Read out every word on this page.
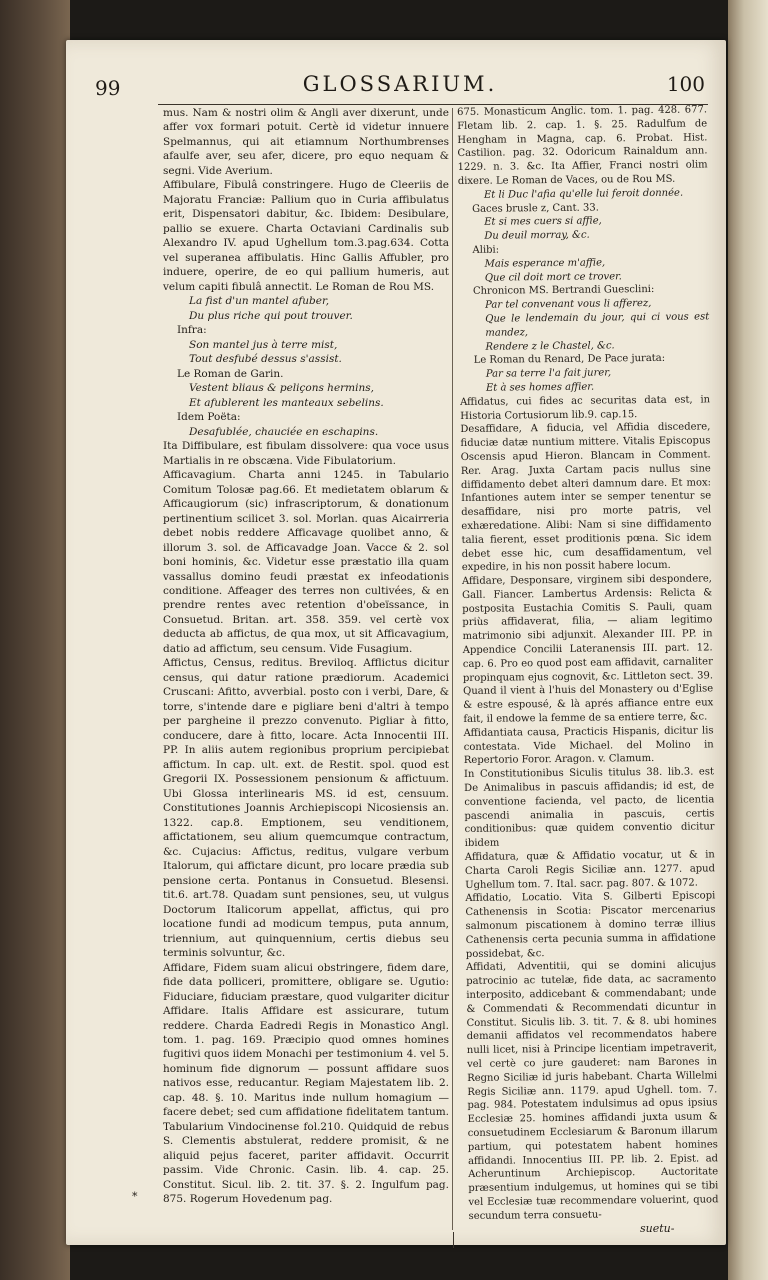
99	GLOSSARIUM.	100

mus. Nam & nostri olim & Angli aver dixerunt, unde affer vox formari potuit. Certè id videtur innuere Spelmannus, qui ait etiamnum Northumbrenses afaulfe aver, seu afer, dicere, pro equo nequam & segni. Vide Averium.

Affibulare, Fibulâ constringere. Hugo de Cleeriis de Majoratu Franciæ: Pallium quo in Curia affibulatus erit, Dispensatori dabitur, &c. Ibidem: Desibulare, pallio se exuere. Charta Octaviani Cardinalis sub Alexandro IV. apud Ughellum tom.3.pag.634. Cotta vel superanea affibulatis. Hinc Gallis Affubler, pro induere, operire, de eo qui pallium humeris, aut velum capiti fibulâ annectit. Le Roman de Rou MS.

La fist d'un mantel afuber,

Du plus riche qui pout trouver.

Infra:

Son mantel jus à terre mist,

Tout desfubé dessus s'assist.

Le Roman de Garin.

Vestent bliaus & peliçons hermins,

Et afublerent les manteaux sebelins.

Idem Poëta:

Desafublée, chauciée en eschapins.

Ita Diffibulare, est fibulam dissolvere: qua voce usus Martialis in re obscæna. Vide Fibulatorium.

Afficavagium. Charta anni 1245. in Tabulario Comitum Tolosæ pag.66. Et medietatem oblarum & Afficaugiorum (sic) infrascriptorum, & donationum pertinentium scilicet 3. sol. Morlan. quas Aicairreria debet nobis reddere Afficavage quolibet anno, & illorum 3. sol. de Afficavadge Joan. Vacce & 2. sol boni hominis, &c. Videtur esse præstatio illa quam vassallus domino feudi præstat ex infeodationis conditione. Affeager des terres non cultivées, & en prendre rentes avec retention d'obeïssance, in Consuetud. Britan. art. 358. 359. vel certè vox deducta ab affictus, de qua mox, ut sit Afficavagium, datio ad affictum, seu censum. Vide Fusagium.

Affictus, Census, reditus. Breviloq. Afflictus dicitur census, qui datur ratione prædiorum. Academici Cruscani: Afitto, avverbial. posto con i verbi, Dare, & torre, s'intende dare e pigliare beni d'altri à tempo per pargheine il prezzo convenuto. Pigliar à fitto, conducere, dare à fitto, locare. Acta Innocentii III. PP. In aliis autem regionibus proprium percipiebat affictum. In cap. ult. ext. de Restit. spol. quod est Gregorii IX. Possessionem pensionum & affictuum. Ubi Glossa interlinearis MS. id est, censuum. Constitutiones Joannis Archiepiscopi Nicosiensis an. 1322. cap.8. Emptionem, seu venditionem, affictationem, seu alium quemcumque contractum, &c. Cujacius: Affictus, reditus, vulgare verbum Italorum, qui affictare dicunt, pro locare prædia sub pensione certa. Pontanus in Consuetud. Blesensi. tit.6. art.78. Quadam sunt pensiones, seu, ut vulgus Doctorum Italicorum appellat, affictus, qui pro locatione fundi ad modicum tempus, puta annum, triennium, aut quinquennium, certis diebus seu terminis solvuntur, &c.

Affidare, Fidem suam alicui obstringere, fidem dare, fide data polliceri, promittere, obligare se. Ugutio: Fiduciare, fiduciam præstare, quod vulgariter dicitur Affidare. Italis Affidare est assicurare, tutum reddere. Charda Eadredi Regis in Monastico Angl. tom. 1. pag. 169. Præcipio quod omnes homines fugitivi quos iidem Monachi per testimonium 4. vel 5. hominum fide dignorum — possunt affidare suos nativos esse, reducantur. Regiam Majestatem lib. 2. cap. 48. §. 10. Maritus inde nullum homagium — facere debet; sed cum affidatione fidelitatem tantum. Tabularium Vindocinense fol.210. Quidquid de rebus S. Clementis abstulerat, reddere promisit, & ne aliquid pejus faceret, pariter affidavit. Occurrit passim. Vide Chronic. Casin. lib. 4. cap. 25. Constitut. Sicul. lib. 2. tit. 37. §. 2. Ingulfum pag. 875. Rogerum Hovedenum pag.

675. Monasticum Anglic. tom. 1. pag. 428. 677. Fletam lib. 2. cap. 1. §. 25. Radulfum de Hengham in Magna, cap. 6. Probat. Hist. Castilion. pag. 32. Odoricum Rainaldum ann. 1229. n. 3. &c. Ita Affier, Franci nostri olim dixere. Le Roman de Vaces, ou de Rou MS.

Et li Duc l'afia qu'elle lui feroit donnée.

Gaces brusle z, Cant. 33.

Et si mes cuers si affie,

Du deuil morray, &c.

Alibi:

Mais esperance m'affie,

Que cil doit mort ce trover.

Chronicon MS. Bertrandi Guesclini:

Par tel convenant vous li afferez,

Que le lendemain du jour, qui ci vous est mandez,

Rendere z le Chastel, &c.

Le Roman du Renard, De Pace jurata:

Par sa terre l'a fait jurer,

Et à ses homes affier.

Affidatus, cui fides ac securitas data est, in Historia Cortusiorum lib.9. cap.15.

Desaffidare, A fiducia, vel Affidia discedere, fiduciæ datæ nuntium mittere. Vitalis Episcopus Oscensis apud Hieron. Blancam in Comment. Rer. Arag. Juxta Cartam pacis nullus sine diffidamento debet alteri damnum dare. Et mox: Infantiones autem inter se semper tenentur se desaffidare, nisi pro morte patris, vel exhæredatione. Alibi: Nam si sine diffidamento talia fierent, esset proditionis pœna. Sic idem debet esse hic, cum desaffidamentum, vel expedire, in his non possit habere locum.

Affidare, Desponsare, virginem sibi despondere, Gall. Fiancer. Lambertus Ardensis: Relicta & postposita Eustachia Comitis S. Pauli, quam priùs affidaverat, filia, — aliam legitimo matrimonio sibi adjunxit. Alexander III. PP. in Appendice Concilii Lateranensis III. part. 12. cap. 6. Pro eo quod post eam affidavit, carnaliter propinquam ejus cognovit, &c. Littleton sect. 39. Quand il vient à l'huis del Monastery ou d'Eglise & estre espousé, & là aprés affiance entre eux fait, il endowe la femme de sa entiere terre, &c.

Affidantiata causa, Practicis Hispanis, dicitur lis contestata. Vide Michael. del Molino in Repertorio Foror. Aragon. v. Clamum.

In Constitutionibus Siculis titulus 38. lib.3. est De Animalibus in pascuis affidandis; id est, de conventione facienda, vel pacto, de licentia pascendi animalia in pascuis, certis conditionibus: quæ quidem conventio dicitur ibidem

Affidatura, quæ & Affidatio vocatur, ut & in Charta Caroli Regis Siciliæ ann. 1277. apud Ughellum tom. 7. Ital. sacr. pag. 807. & 1072.

Affidatio, Locatio. Vita S. Gilberti Episcopi Cathenensis in Scotia: Piscator mercenarius salmonum piscationem à domino terræ illius Cathenensis certa pecunia summa in affidatione possidebat, &c.

Affidati, Adventitii, qui se domini alicujus patrocinio ac tutelæ, fide data, ac sacramento interposito, addicebant & commendabant; unde & Commendati & Recommendati dicuntur in Constitut. Siculis lib. 3. tit. 7. & 8. ubi homines demanii affidatos vel recommendatos habere nulli licet, nisi à Principe licentiam impetraverit, vel certè co jure gauderet: nam Barones in Regno Siciliæ id juris habebant. Charta Willelmi Regis Siciliæ ann. 1179. apud Ughell. tom. 7. pag. 984. Potestatem indulsimus ad opus ipsius Ecclesiæ 25. homines affidandi juxta usum & consuetudinem Ecclesiarum & Baronum illarum partium, qui potestatem habent homines affidandi. Innocentius III. PP. lib. 2. Epist. ad Acheruntinum Archiepiscop. Auctoritate præsentium indulgemus, ut homines qui se tibi vel Ecclesiæ tuæ recommendare voluerint, quod secundum terra consuetu-

*
suetu-
